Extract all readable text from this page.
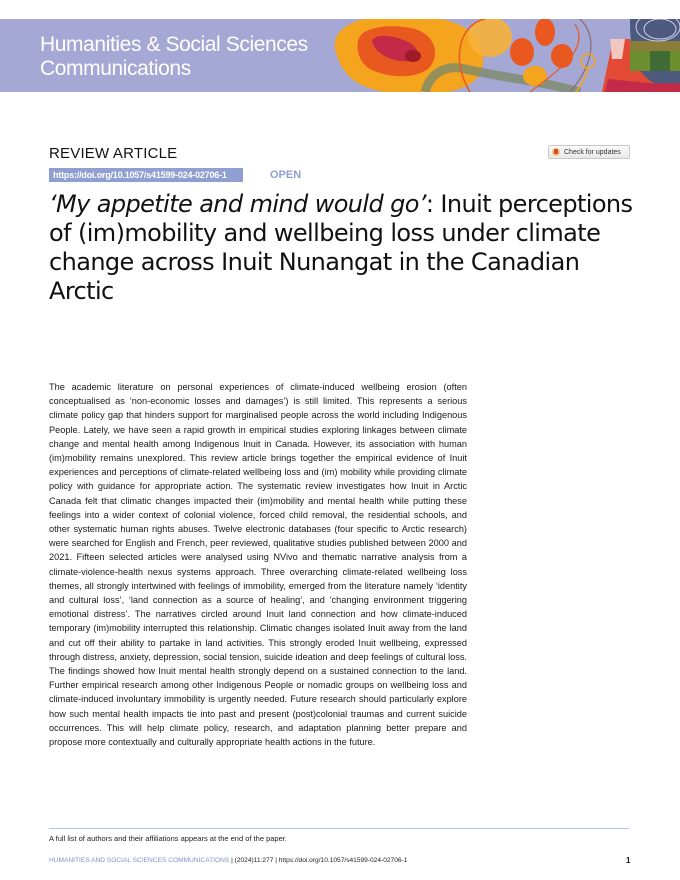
Humanities & Social Sciences
Communications
REVIEW ARTICLE
https://doi.org/10.1057/s41599-024-02706-1	OPEN
Check for updates
‘My appetite and mind would go’: Inuit perceptions of (im)mobility and wellbeing loss under climate change across Inuit Nunangat in the Canadian Arctic

The academic literature on personal experiences of climate-induced wellbeing erosion (often conceptualised as ‘non-economic losses and damages’) is still limited. This represents a serious climate policy gap that hinders support for marginalised people across the world including Indigenous People. Lately, we have seen a rapid growth in empirical studies exploring linkages between climate change and mental health among Indigenous Inuit in Canada. However, its association with human (im)mobility remains unexplored. This review article brings together the empirical evidence of Inuit experiences and perceptions of climate-related wellbeing loss and (im) mobility while providing climate policy with guidance for appropriate action. The systematic review investigates how Inuit in Arctic Canada felt that climatic changes impacted their (im)mobility and mental health while putting these feelings into a wider context of colonial violence, forced child removal, the residential schools, and other systematic human rights abuses. Twelve electronic databases (four specific to Arctic research) were searched for English and French, peer reviewed, qualitative studies published between 2000 and 2021. Fifteen selected articles were analysed using NVivo and thematic narrative analysis from a climate-violence-health nexus systems approach. Three overarching climate-related wellbeing loss themes, all strongly intertwined with feelings of immobility, emerged from the literature namely ‘identity and cultural loss’, ‘land connection as a source of healing’, and ‘changing environment triggering emotional distress’. The narratives circled around Inuit land connection and how climate-induced temporary (im)mobility interrupted this relationship. Climatic changes isolated Inuit away from the land and cut off their ability to partake in land activities. This strongly eroded Inuit wellbeing, expressed through distress, anxiety, depression, social tension, suicide ideation and deep feelings of cultural loss. The findings showed how Inuit mental health strongly depend on a sustained connection to the land. Further empirical research among other Indigenous People or nomadic groups on wellbeing loss and climate-induced involuntary immobility is urgently needed. Future research should particularly explore how such mental health impacts tie into past and present (post)colonial traumas and current suicide occurrences. This will help climate policy, research, and adaptation planning better prepare and propose more contextually and culturally appropriate health actions in the future.

A full list of authors and their affiliations appears at the end of the paper.
HUMANITIES AND SOCIAL SCIENCES COMMUNICATIONS | (2024)11:277 | https://doi.org/10.1057/s41599-024-02706-1	1
